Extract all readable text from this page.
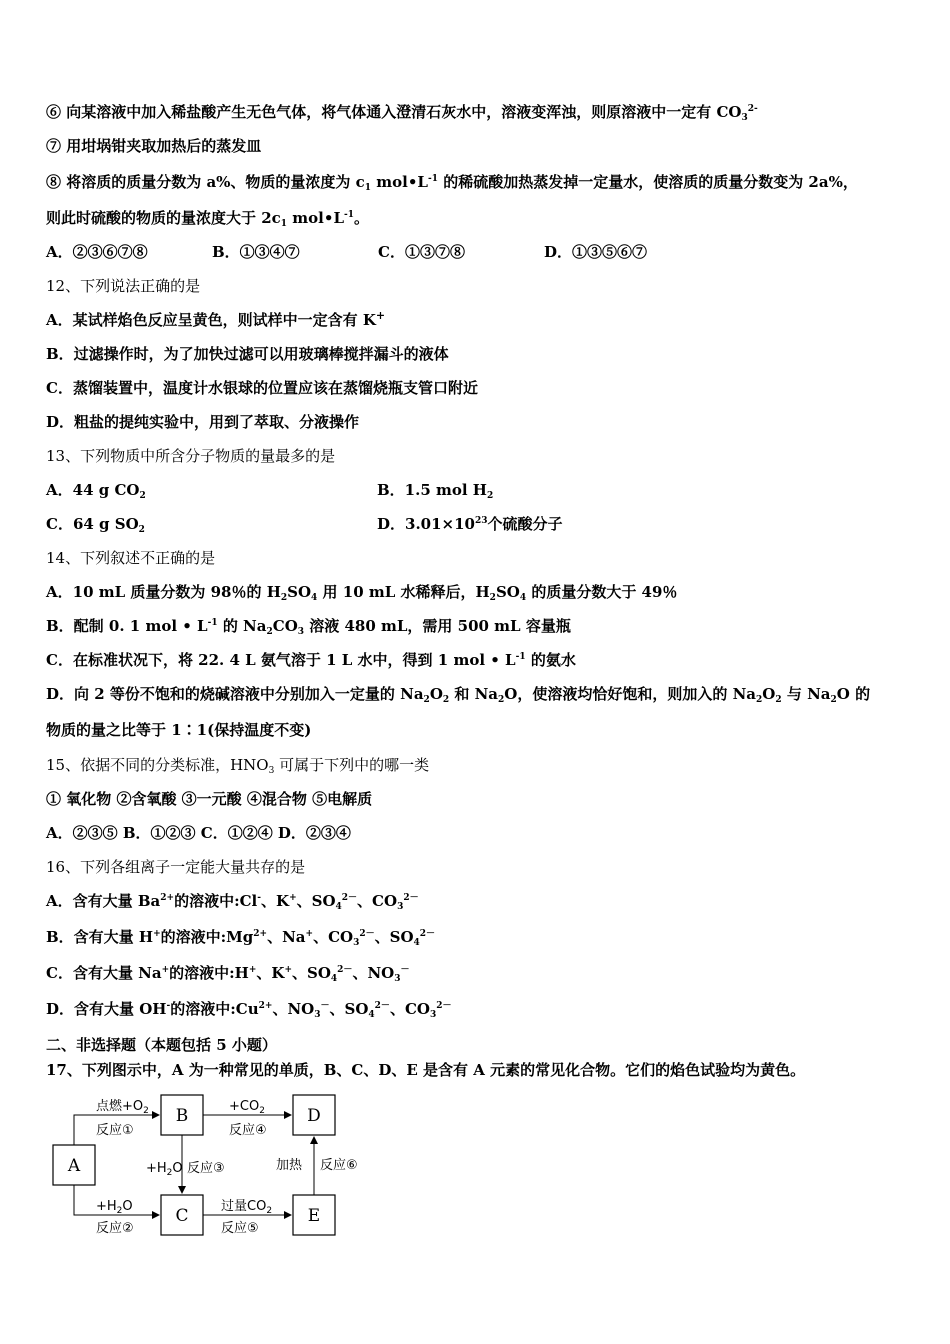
⑥ 向某溶液中加入稀盐酸产生无色气体，将气体通入澄清石灰水中，溶液变浑浊，则原溶液中一定有 $CO_3^{2-}$
⑦ 用坩埚钳夹取加热后的蒸发皿
⑧ 将溶质的质量分数为 a%、物质的量浓度为 $c_1$ $mol•L^{-1}$ 的稀硫酸加热蒸发掉一定量水，使溶质的质量分数变为 2a%，
则此时硫酸的物质的量浓度大于 $2c_1$ $mol•L^{-1}$。
A．②③⑥⑦⑧	B．①③④⑦	C．①③⑦⑧	D．①③⑤⑥⑦
12、下列说法正确的是
A．某试样焰色反应呈黄色，则试样中一定含有 K+
B．过滤操作时，为了加快过滤可以用玻璃棒搅拌漏斗的液体
C．蒸馏装置中，温度计水银球的位置应该在蒸馏烧瓶支管口附近
D．粗盐的提纯实验中，用到了萃取、分液操作
13、下列物质中所含分子物质的量最多的是
A．44 g $CO_2$	B．1.5 mol $H_2$
C．64 g $SO_2$	D．$3.01\times 10^{23}$个硫酸分子
14、下列叙述不正确的是
A．10 mL 质量分数为 98％的 $H_2SO_4$ 用 10 mL 水稀释后，$H_2SO_4$ 的质量分数大于 49％
B．配制 0. 1 mol • $L^{-1}$ 的 $Na_2CO_3$ 溶液 480 mL，需用 500 mL 容量瓶
C．在标准状况下，将 22. 4 L 氨气溶于 1 L 水中，得到 1 mol • $L^{-1}$ 的氨水
D．向 2 等份不饱和的烧碱溶液中分别加入一定量的 $Na_2O_2$ 和 $Na_2O$，使溶液均恰好饱和，则加入的 $Na_2O_2$ 与 $Na_2O$ 的
物质的量之比等于 1∶1(保持温度不变)
15、依据不同的分类标准，$HNO_3$ 可属于下列中的哪一类
① 氧化物 ②含氧酸 ③一元酸 ④混合物 ⑤电解质
A．②③⑤ B．①②③ C．①②④ D．②③④
16、下列各组离子一定能大量共存的是
A．含有大量 $Ba^{2+}$的溶液中:Cl-、K+、$SO_4^{2-}$、$CO_3^{2-}$
B．含有大量 H+的溶液中$:Mg^{2+}$、Na+、$CO_3^{2-}$、$SO_4^{2-}$
C．含有大量 Na+的溶液中:H+、K+、$SO_4^{2-}$、$NO_3^-$
D．含有大量 OH-的溶液中$:Cu^{2+}$、$NO_3^-$、$SO_4^{2-}$、$CO_3^{2-}$
二、非选择题（本题包括 5 小题）
17、下列图示中，A 为一种常见的单质，B、C、D、E 是含有 A 元素的常见化合物。它们的焰色试验均为黄色。
A
B
C
D
E
点燃$+O_2$
反应①
$+H_2O$
反应②
$+H_2O$ 反应③
$+CO_2$
反应④
过量$CO_2$
反应⑤
加热 反应⑥
